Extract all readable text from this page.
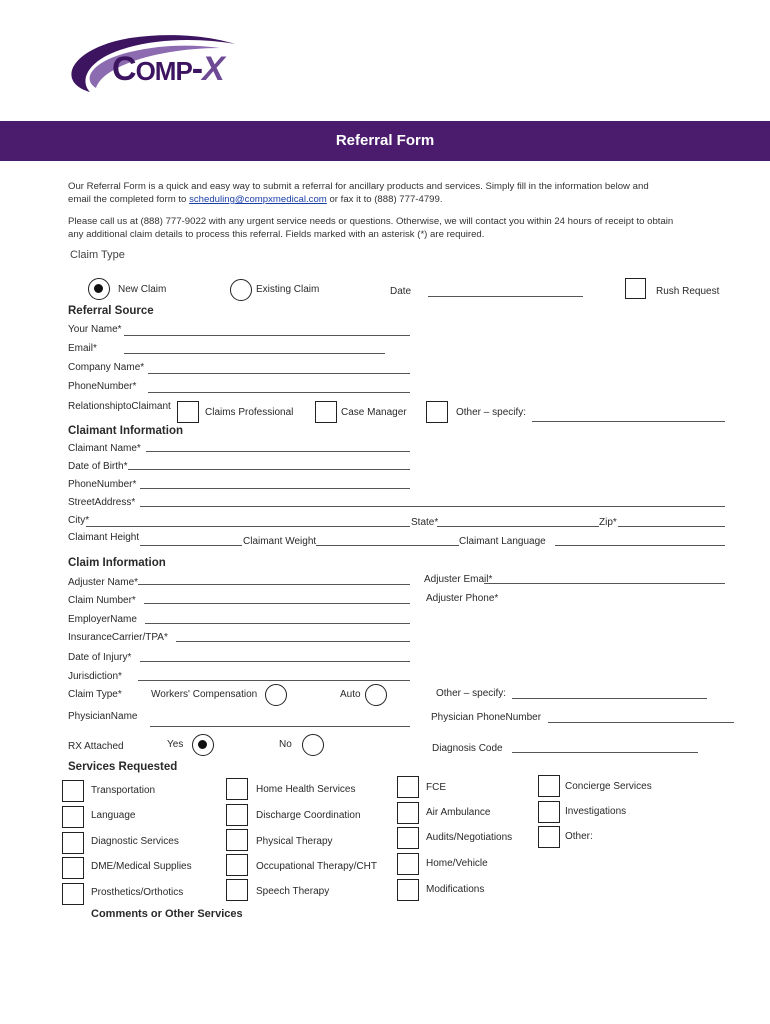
COMP-X
Referral Form
Our Referral Form is a quick and easy way to submit a referral for ancillary products and services. Simply fill in the information below and
email the completed form to scheduling@compxmedical.com or fax it to (888) 777-4799.
Please call us at (888) 777-9022 with any urgent service needs or questions. Otherwise, we will contact you within 24 hours of receipt to obtain
any additional claim details to process this referral. Fields marked with an asterisk (*) are required.
Claim Type
New Claim	Existing Claim	Date	Rush Request
Referral Source
Your Name*
Email*
Company Name*
PhoneNumber*
RelationshiptoClaimant
Claims Professional	Case Manager	Other – specify:
Claimant Information
Claimant Name*
Date of Birth*
PhoneNumber*
StreetAddress*
City*	State*	Zip*
Claimant Height	Claimant Weight	Claimant Language
Claim Information
Adjuster Name*	Adjuster Email*
Claim Number*	Adjuster Phone*
EmployerName
InsuranceCarrier/TPA*
Date of Injury*
Jurisdiction*
Claim Type*	Workers' Compensation	Auto	Other – specify:
PhysicianName	Physician PhoneNumber
RX Attached	Yes	No	Diagnosis Code
Services Requested
Transportation
Language
Diagnostic Services
DME/Medical Supplies
Prosthetics/Orthotics
Home Health Services
Discharge Coordination
Physical Therapy
Occupational Therapy/CHT
Speech Therapy
FCE
Air Ambulance
Audits/Negotiations
Home/Vehicle
Modifications
Concierge Services
Investigations
Other:
Comments or Other Services
